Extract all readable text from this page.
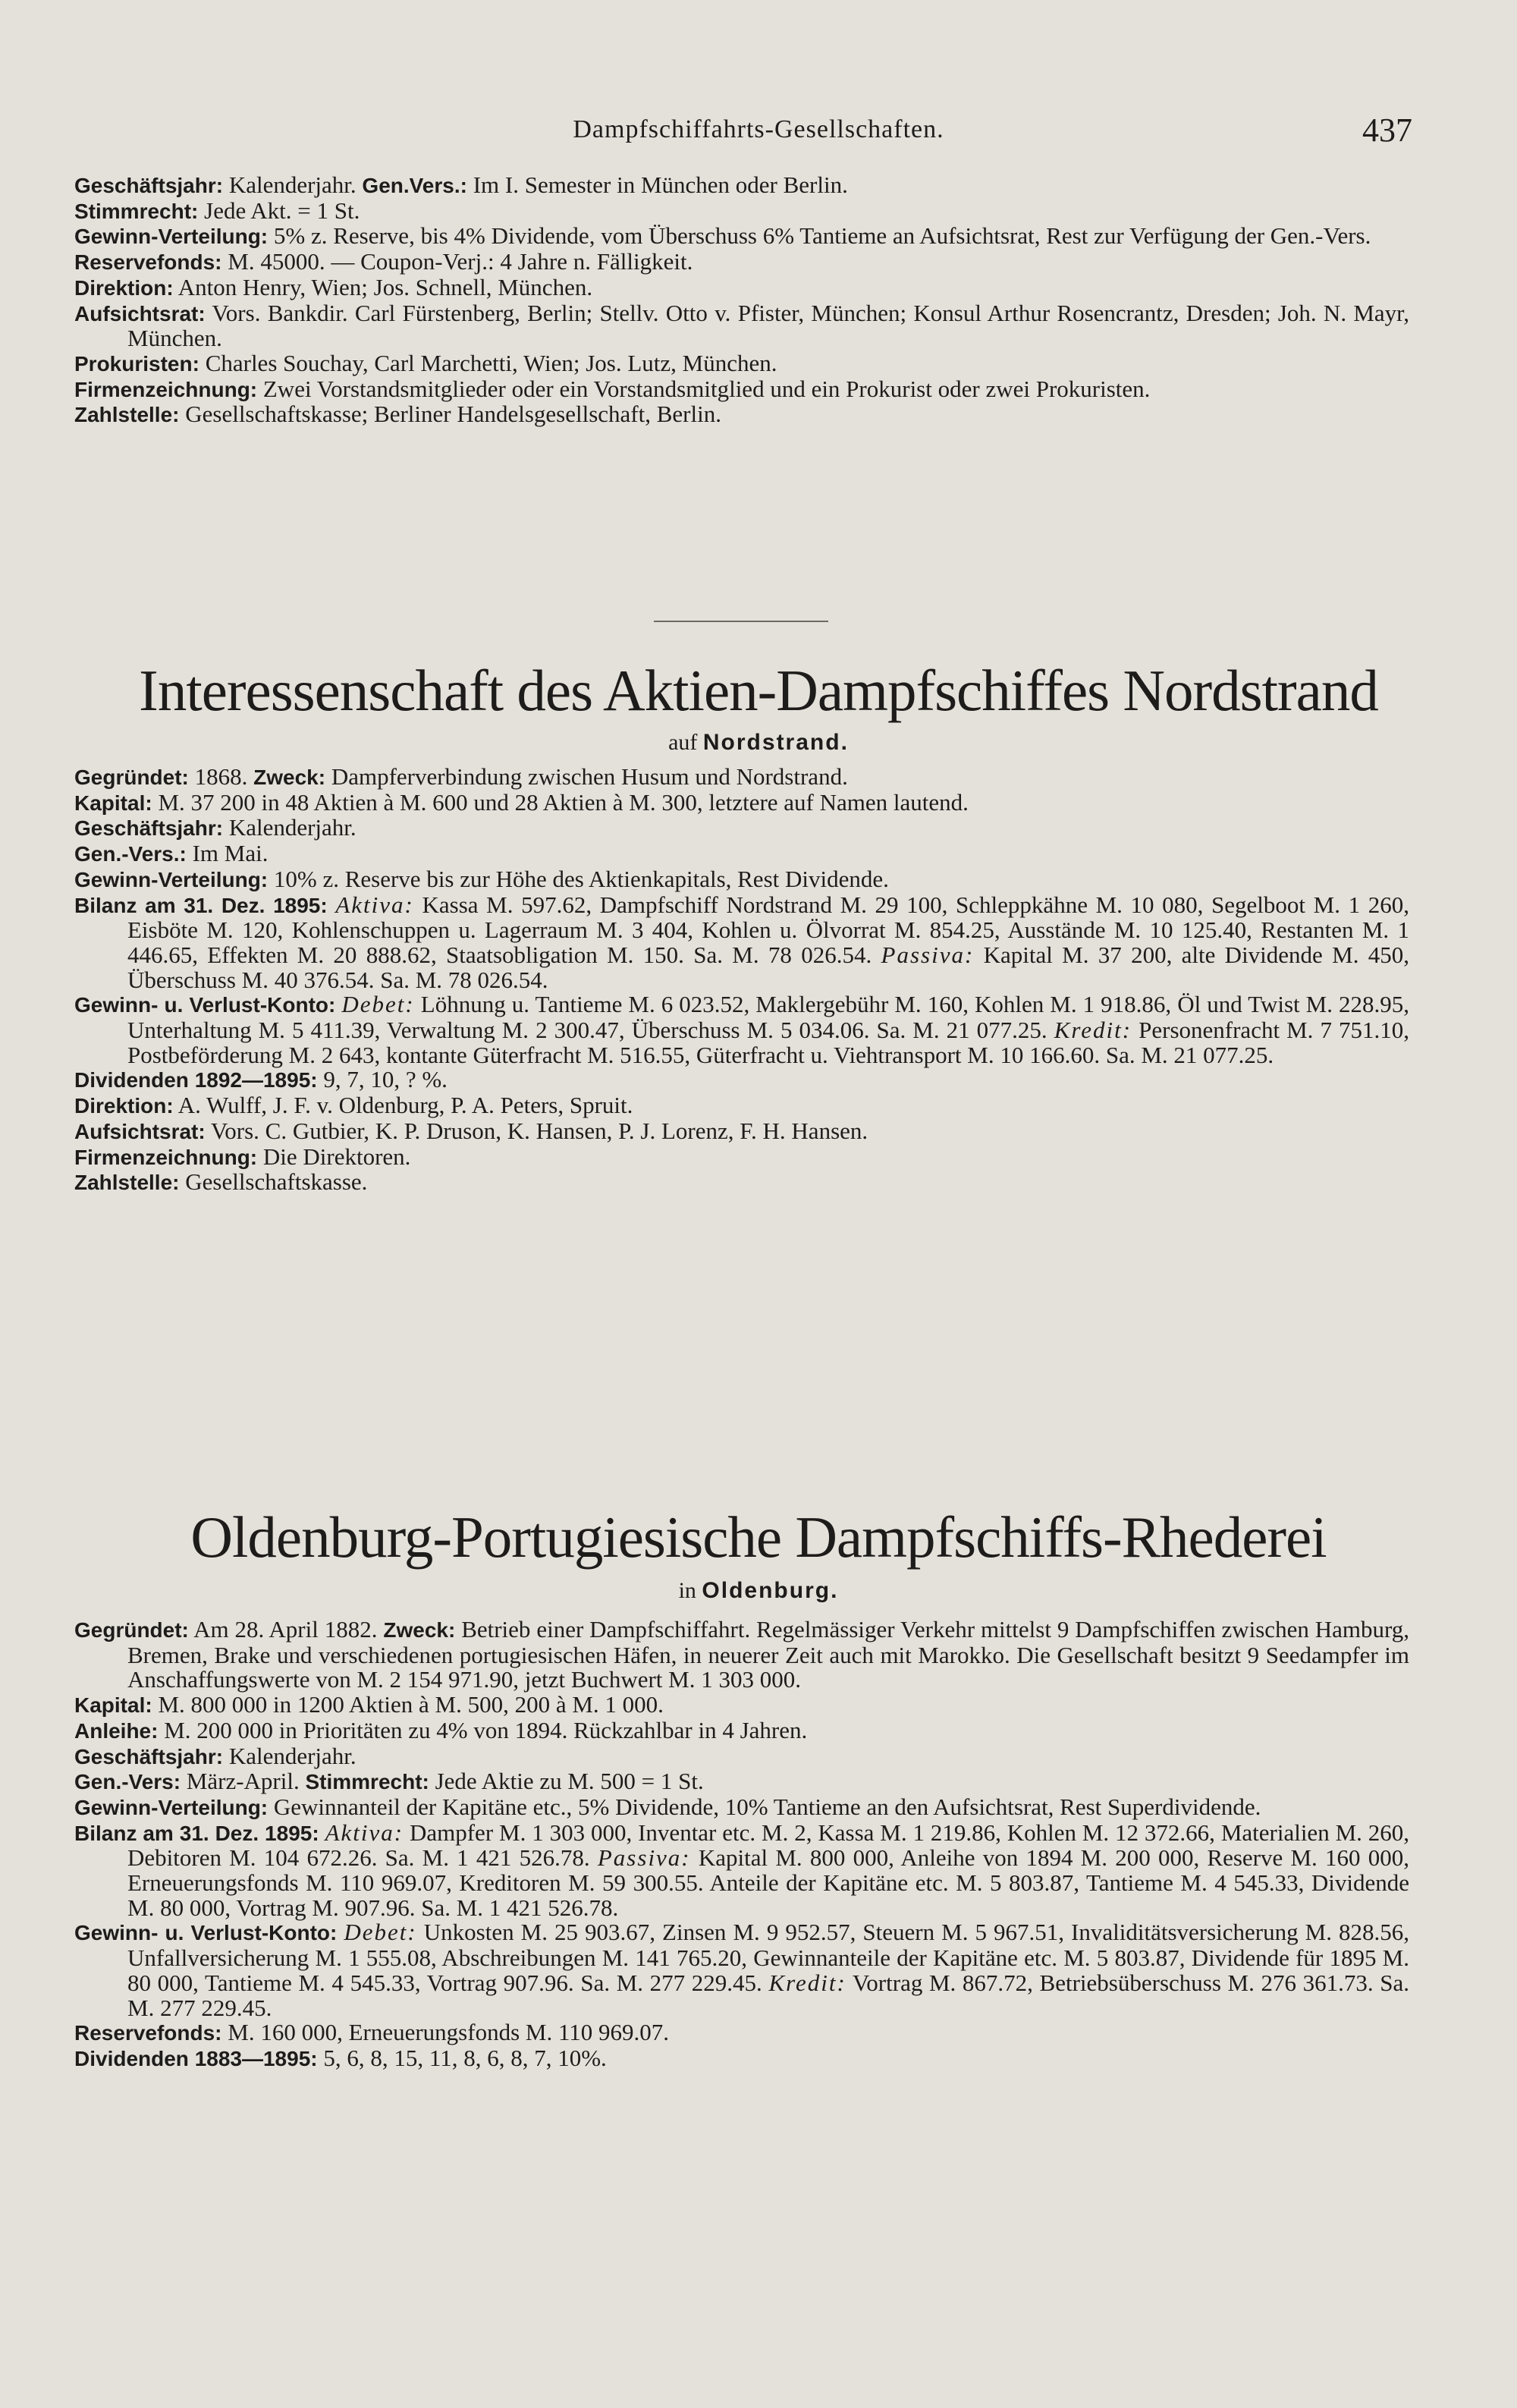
Dampfschiffahrts-Gesellschaften.	437

Geschäftsjahr: Kalenderjahr. Gen.Vers.: Im I. Semester in München oder Berlin.

Stimmrecht: Jede Akt. = 1 St.

Gewinn-Verteilung: 5% z. Reserve, bis 4% Dividende, vom Überschuss 6% Tantieme an Aufsichtsrat, Rest zur Verfügung der Gen.-Vers.

Reservefonds: M. 45000. — Coupon-Verj.: 4 Jahre n. Fälligkeit.

Direktion: Anton Henry, Wien; Jos. Schnell, München.

Aufsichtsrat: Vors. Bankdir. Carl Fürstenberg, Berlin; Stellv. Otto v. Pfister, München; Konsul Arthur Rosencrantz, Dresden; Joh. N. Mayr, München.

Prokuristen: Charles Souchay, Carl Marchetti, Wien; Jos. Lutz, München.

Firmenzeichnung: Zwei Vorstandsmitglieder oder ein Vorstandsmitglied und ein Prokurist oder zwei Prokuristen.

Zahlstelle: Gesellschaftskasse; Berliner Handelsgesellschaft, Berlin.

Interessenschaft des Aktien-Dampfschiffes Nordstrand
auf Nordstrand.

Gegründet: 1868. Zweck: Dampferverbindung zwischen Husum und Nordstrand.

Kapital: M. 37 200 in 48 Aktien à M. 600 und 28 Aktien à M. 300, letztere auf Namen lautend.

Geschäftsjahr: Kalenderjahr.

Gen.-Vers.: Im Mai.

Gewinn-Verteilung: 10% z. Reserve bis zur Höhe des Aktienkapitals, Rest Dividende.

Bilanz am 31. Dez. 1895: Aktiva: Kassa M. 597.62, Dampfschiff Nordstrand M. 29 100, Schleppkähne M. 10 080, Segelboot M. 1 260, Eisböte M. 120, Kohlenschuppen u. Lagerraum M. 3 404, Kohlen u. Ölvorrat M. 854.25, Ausstände M. 10 125.40, Restanten M. 1 446.65, Effekten M. 20 888.62, Staatsobligation M. 150. Sa. M. 78 026.54. Passiva: Kapital M. 37 200, alte Dividende M. 450, Überschuss M. 40 376.54. Sa. M. 78 026.54.

Gewinn- u. Verlust-Konto: Debet: Löhnung u. Tantieme M. 6 023.52, Maklergebühr M. 160, Kohlen M. 1 918.86, Öl und Twist M. 228.95, Unterhaltung M. 5 411.39, Verwaltung M. 2 300.47, Überschuss M. 5 034.06. Sa. M. 21 077.25. Kredit: Personenfracht M. 7 751.10, Postbeförderung M. 2 643, kontante Güterfracht M. 516.55, Güterfracht u. Viehtransport M. 10 166.60. Sa. M. 21 077.25.

Dividenden 1892—1895: 9, 7, 10, ? %.

Direktion: A. Wulff, J. F. v. Oldenburg, P. A. Peters, Spruit.

Aufsichtsrat: Vors. C. Gutbier, K. P. Druson, K. Hansen, P. J. Lorenz, F. H. Hansen.

Firmenzeichnung: Die Direktoren.

Zahlstelle: Gesellschaftskasse.

Oldenburg-Portugiesische Dampfschiffs-Rhederei
in Oldenburg.

Gegründet: Am 28. April 1882. Zweck: Betrieb einer Dampfschiffahrt. Regelmässiger Verkehr mittelst 9 Dampfschiffen zwischen Hamburg, Bremen, Brake und verschiedenen portugiesischen Häfen, in neuerer Zeit auch mit Marokko. Die Gesellschaft besitzt 9 Seedampfer im Anschaffungswerte von M. 2 154 971.90, jetzt Buchwert M. 1 303 000.

Kapital: M. 800 000 in 1200 Aktien à M. 500, 200 à M. 1 000.

Anleihe: M. 200 000 in Prioritäten zu 4% von 1894. Rückzahlbar in 4 Jahren.

Geschäftsjahr: Kalenderjahr.

Gen.-Vers: März-April. Stimmrecht: Jede Aktie zu M. 500 = 1 St.

Gewinn-Verteilung: Gewinnanteil der Kapitäne etc., 5% Dividende, 10% Tantieme an den Aufsichtsrat, Rest Superdividende.

Bilanz am 31. Dez. 1895: Aktiva: Dampfer M. 1 303 000, Inventar etc. M. 2, Kassa M. 1 219.86, Kohlen M. 12 372.66, Materialien M. 260, Debitoren M. 104 672.26. Sa. M. 1 421 526.78. Passiva: Kapital M. 800 000, Anleihe von 1894 M. 200 000, Reserve M. 160 000, Erneuerungsfonds M. 110 969.07, Kreditoren M. 59 300.55. Anteile der Kapitäne etc. M. 5 803.87, Tantieme M. 4 545.33, Dividende M. 80 000, Vortrag M. 907.96. Sa. M. 1 421 526.78.

Gewinn- u. Verlust-Konto: Debet: Unkosten M. 25 903.67, Zinsen M. 9 952.57, Steuern M. 5 967.51, Invaliditätsversicherung M. 828.56, Unfallversicherung M. 1 555.08, Abschreibungen M. 141 765.20, Gewinnanteile der Kapitäne etc. M. 5 803.87, Dividende für 1895 M. 80 000, Tantieme M. 4 545.33, Vortrag 907.96. Sa. M. 277 229.45. Kredit: Vortrag M. 867.72, Betriebsüberschuss M. 276 361.73. Sa. M. 277 229.45.

Reservefonds: M. 160 000, Erneuerungsfonds M. 110 969.07.

Dividenden 1883—1895: 5, 6, 8, 15, 11, 8, 6, 8, 7, 10%.
